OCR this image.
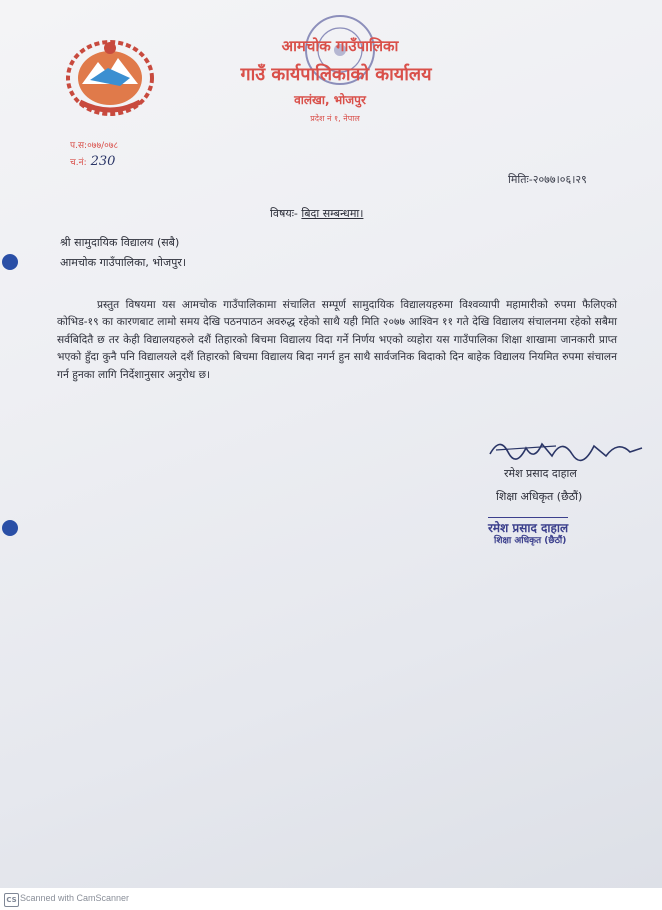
आमचोक गाउँपालिका
गाउँ कार्यपालिकाको कार्यालय
वालंखा, भोजपुर
प्रदेश नं १, नेपाल
प.स:०७७/०७८
च.नं: 230
मितिः-२०७७।०६।२९
विषयः- बिदा सम्बन्धमा।
श्री सामुदायिक विद्यालय (सबै)
आमचोक गाउँपालिका, भोजपुर।

प्रस्तुत विषयमा यस आमचोक गाउँपालिकामा संचालित सम्पूर्ण सामुदायिक विद्यालयहरुमा विश्वव्यापी महामारीको रुपमा फैलिएको कोभिड-१९ का कारणबाट लामो समय देखि पठनपाठन अवरुद्ध रहेको साथै यही मिति २०७७ आश्विन ११ गते देखि विद्यालय संचालनमा रहेको सबैमा सर्वबिदितै छ तर केही विद्यालयहरुले दशैं तिहारको बिचमा विद्यालय विदा गर्ने निर्णय भएको व्यहोरा यस गाउँपालिका शिक्षा शाखामा जानकारी प्राप्त भएको हुँदा कुनै पनि विद्यालयले दशैं तिहारको बिचमा विद्यालय बिदा नगर्न हुन साथै सार्वजनिक बिदाको दिन बाहेक विद्यालय नियमित रुपमा संचालन गर्न हुनका लागि निर्देशानुसार अनुरोध छ।

रमेश प्रसाद दाहाल
शिक्षा अधिकृत (छैठौं)
रमेश प्रसाद दाहाल
शिक्षा अधिकृत (छैठौं)
CS Scanned with CamScanner
